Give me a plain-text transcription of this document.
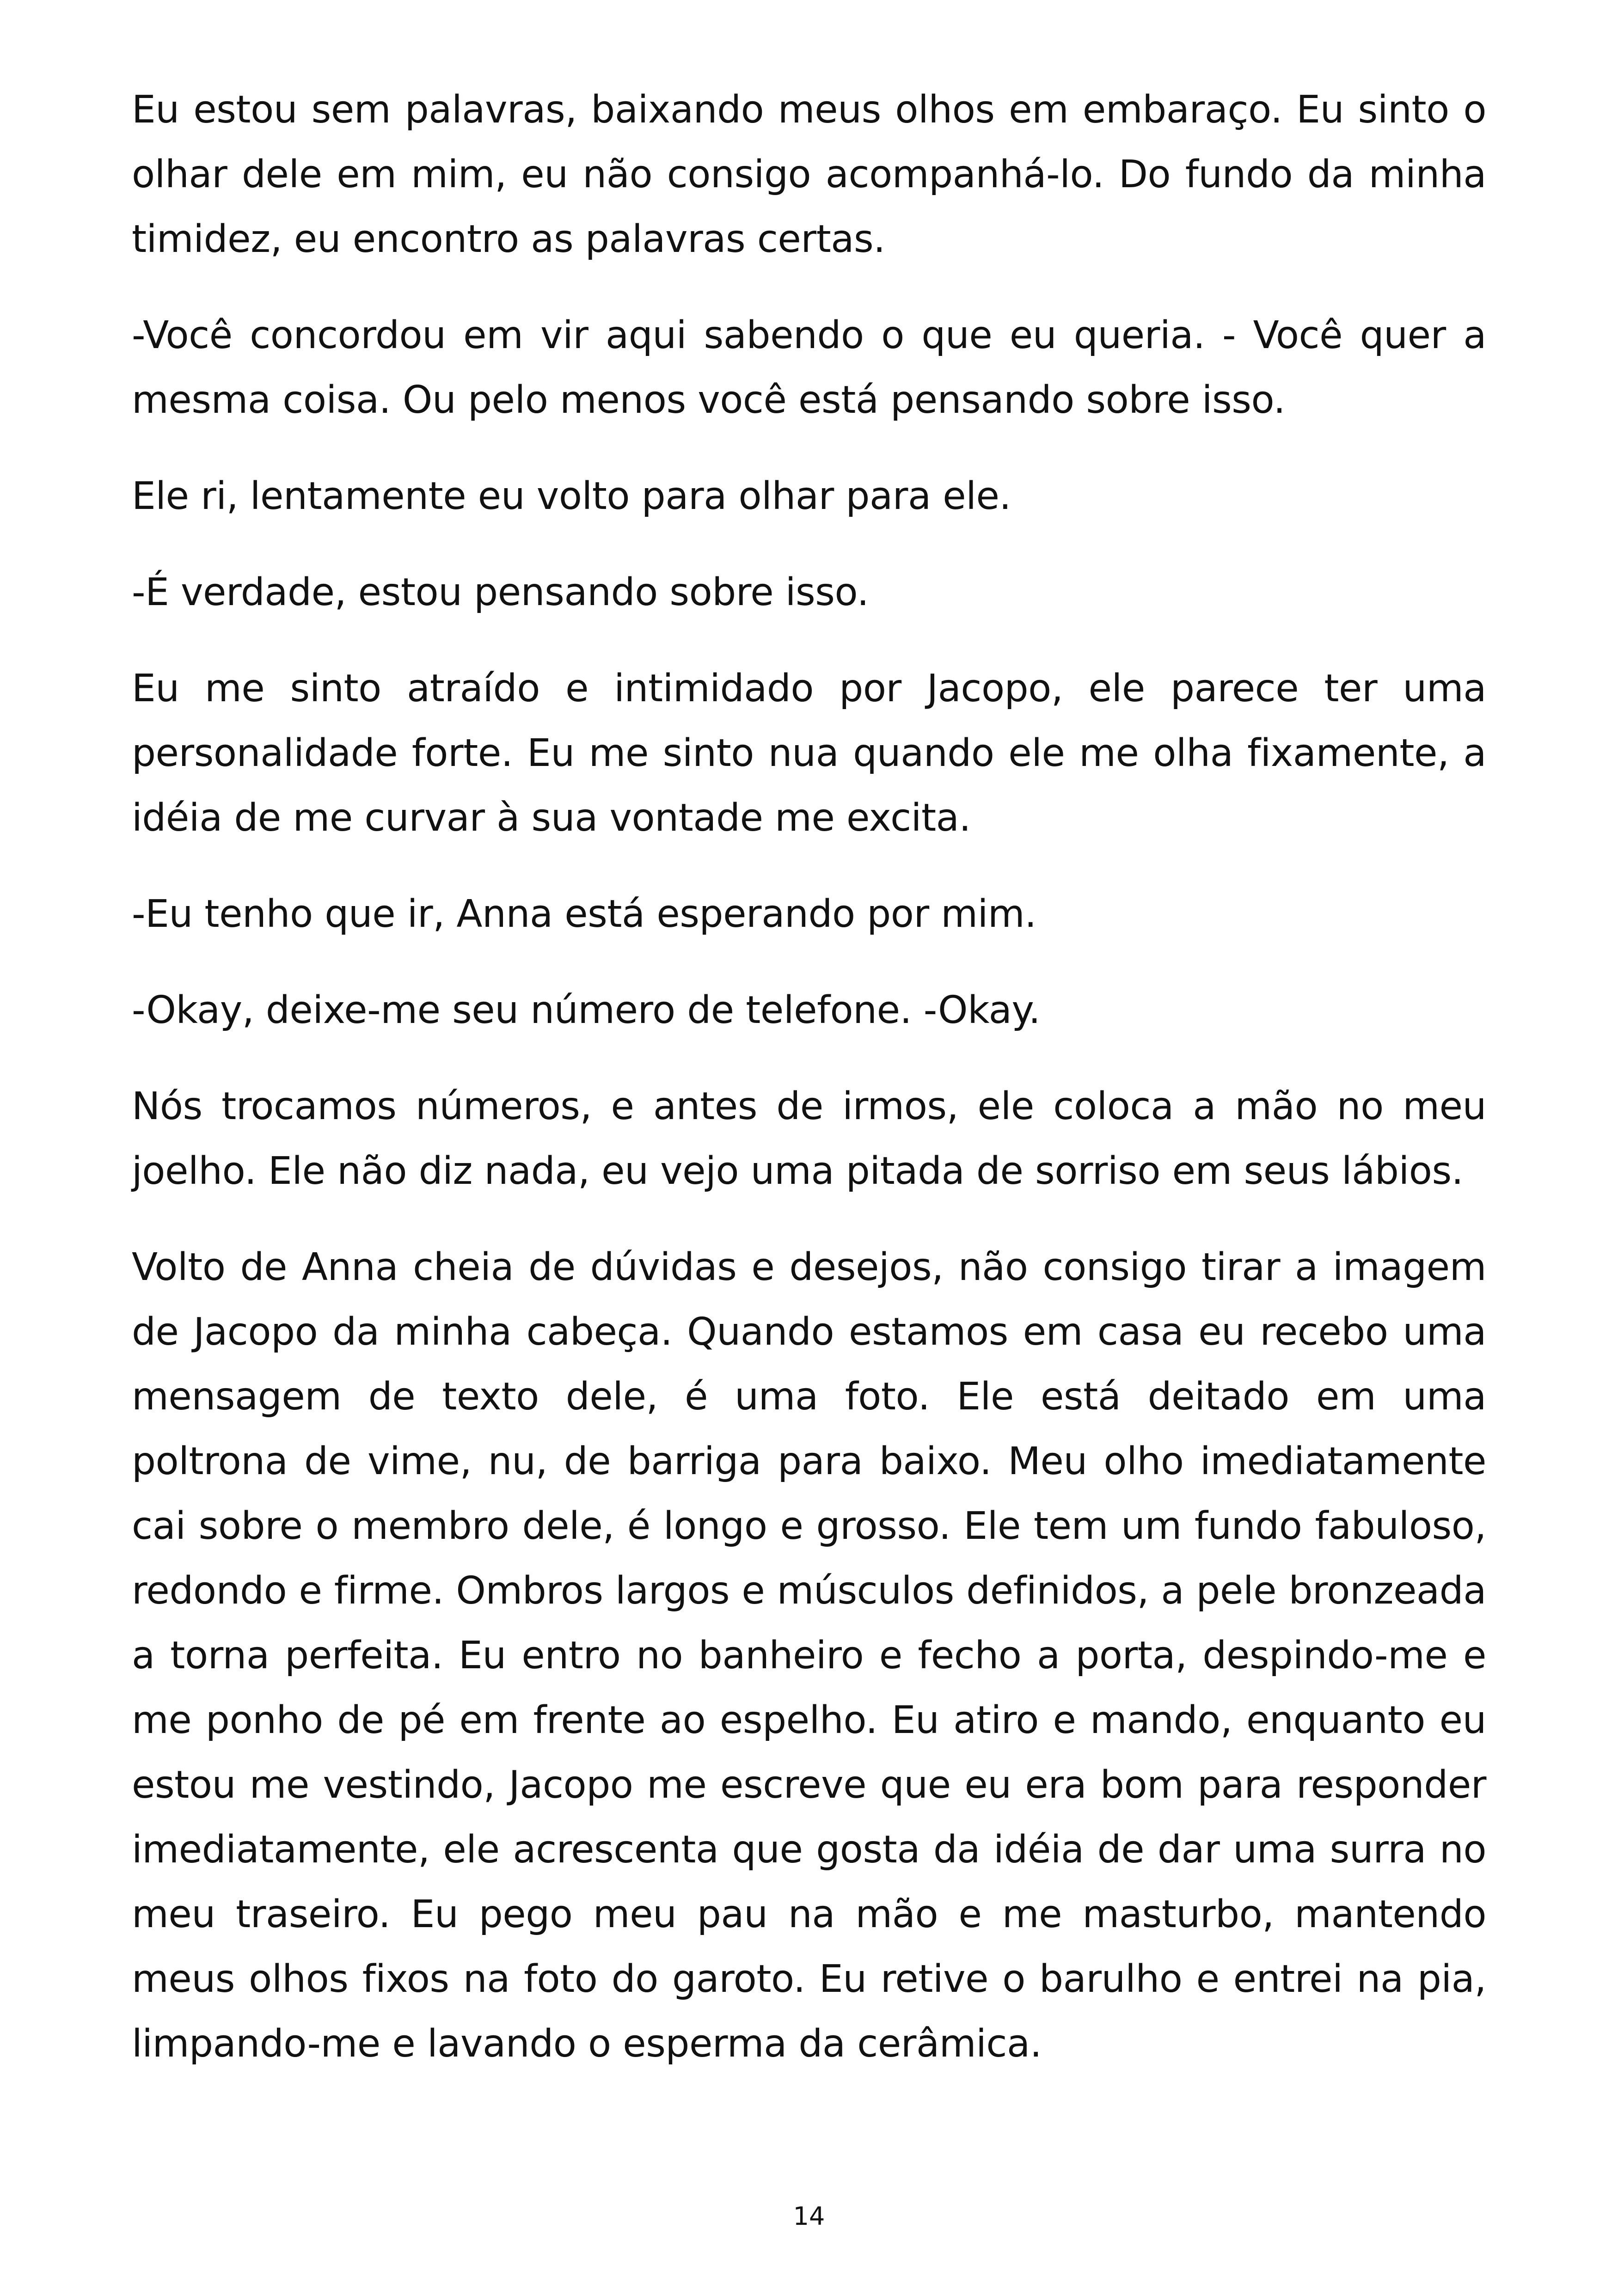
Eu estou sem palavras, baixando meus olhos em embaraço. Eu sinto o olhar dele em mim, eu não consigo acompanhá-lo. Do fundo da minha timidez, eu encontro as palavras certas.

-Você concordou em vir aqui sabendo o que eu queria. - Você quer a mesma coisa. Ou pelo menos você está pensando sobre isso.

Ele ri, lentamente eu volto para olhar para ele.

-É verdade, estou pensando sobre isso.

Eu me sinto atraído e intimidado por Jacopo, ele parece ter uma personalidade forte. Eu me sinto nua quando ele me olha fixamente, a idéia de me curvar à sua vontade me excita.

-Eu tenho que ir, Anna está esperando por mim.

-Okay, deixe-me seu número de telefone. -Okay.

Nós trocamos números, e antes de irmos, ele coloca a mão no meu joelho. Ele não diz nada, eu vejo uma pitada de sorriso em seus lábios.

Volto de Anna cheia de dúvidas e desejos, não consigo tirar a imagem de Jacopo da minha cabeça. Quando estamos em casa eu recebo uma mensagem de texto dele, é uma foto. Ele está deitado em uma poltrona de vime, nu, de barriga para baixo. Meu olho imediatamente cai sobre o membro dele, é longo e grosso. Ele tem um fundo fabuloso, redondo e firme. Ombros largos e músculos definidos, a pele bronzeada a torna perfeita. Eu entro no banheiro e fecho a porta, despindo-me e me ponho de pé em frente ao espelho. Eu atiro e mando, enquanto eu estou me vestindo, Jacopo me escreve que eu era bom para responder imediatamente, ele acrescenta que gosta da idéia de dar uma surra no meu traseiro. Eu pego meu pau na mão e me masturbo, mantendo meus olhos fixos na foto do garoto. Eu retive o barulho e entrei na pia, limpando-me e lavando o esperma da cerâmica.

14
